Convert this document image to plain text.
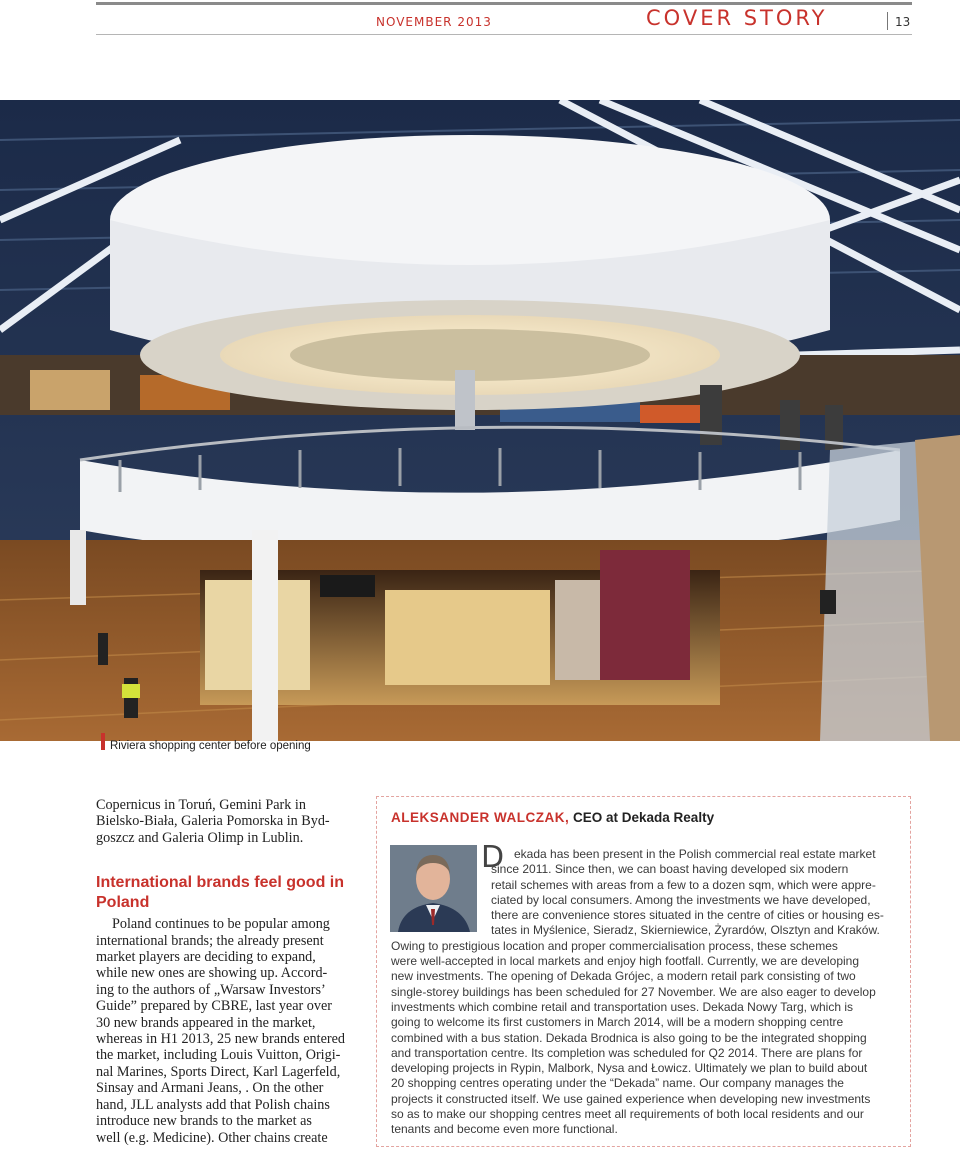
NOVEMBER 2013	COVER STORY	13
Riviera shopping center before opening

Copernicus in Toruń, Gemini Park in
Bielsko-Biała, Galeria Pomorska in Byd-
goszcz and Galeria Olimp in Lublin.

International brands feel good in Poland

Poland continues to be popular among
international brands; the already present
market players are deciding to expand,
while new ones are showing up. Accord-
ing to the authors of „Warsaw Investors’
Guide” prepared by CBRE, last year over
30 new brands appeared in the market,
whereas in H1 2013, 25 new brands entered
the market, including Louis Vuitton, Origi-
nal Marines, Sports Direct, Karl Lagerfeld,
Sinsay and Armani Jeans, . On the other
hand, JLL analysts add that Polish chains
introduce new brands to the market as
well (e.g. Medicine). Other chains create

ALEKSANDER WALCZAK, CEO at Dekada Realty
D ekada has been present in the Polish commercial real estate market
since 2011. Since then, we can boast having developed six modern
retail schemes with areas from a few to a dozen sqm, which were appre-
ciated by local consumers. Among the investments we have developed,
there are convenience stores situated in the centre of cities or housing es-
tates in Myślenice, Sieradz, Skierniewice, Żyrardów, Olsztyn and Kraków.
Owing to prestigious location and proper commercialisation process, these schemes
were well-accepted in local markets and enjoy high footfall. Currently, we are developing
new investments. The opening of Dekada Grójec, a modern retail park consisting of two
single-storey buildings has been scheduled for 27 November. We are also eager to develop
investments which combine retail and transportation uses. Dekada Nowy Targ, which is
going to welcome its first customers in March 2014, will be a modern shopping centre
combined with a bus station. Dekada Brodnica is also going to be the integrated shopping
and transportation centre. Its completion was scheduled for Q2 2014. There are plans for
developing projects in Rypin, Malbork, Nysa and Łowicz. Ultimately we plan to build about
20 shopping centres operating under the “Dekada” name. Our company manages the
projects it constructed itself. We use gained experience when developing new investments
so as to make our shopping centres meet all requirements of both local residents and our
tenants and become even more functional.
